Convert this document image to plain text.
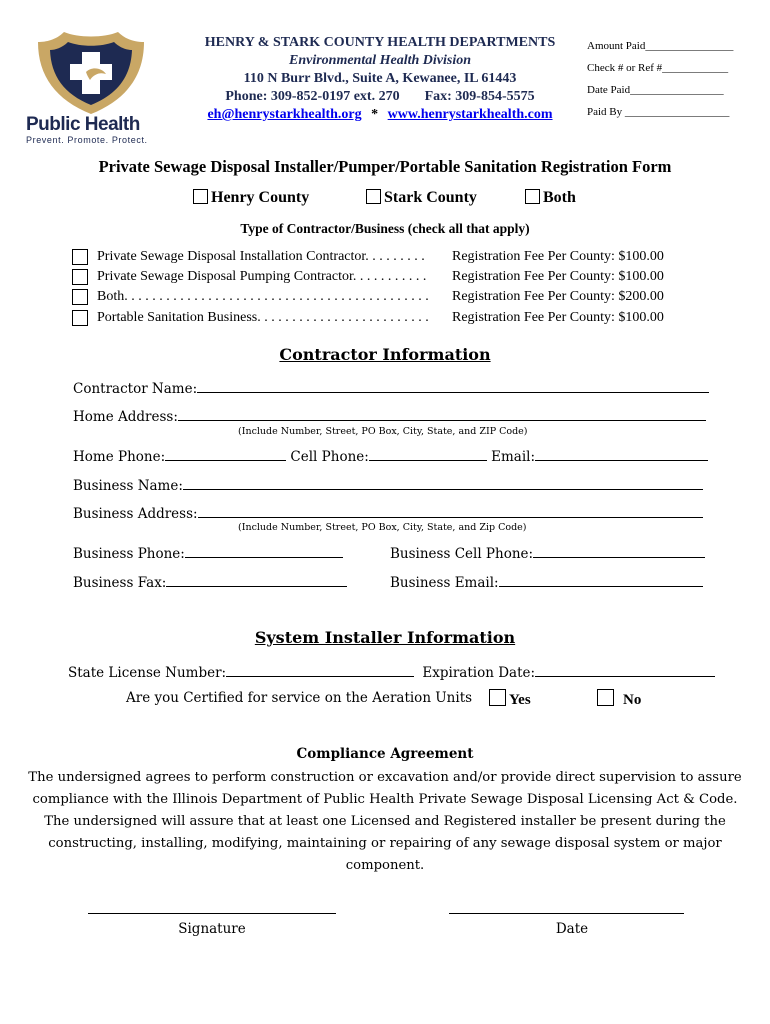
Public Health
Prevent. Promote. Protect.
HENRY & STARK COUNTY HEALTH DEPARTMENTS
Environmental Health Division
110 N Burr Blvd., Suite A, Kewanee, IL 61443
Phone: 309-852-0197 ext. 270 Fax: 309-854-5575
eh@henrystarkhealth.org * www.henrystarkhealth.com
Amount Paid________________
Check # or Ref #____________
Date Paid_________________
Paid By ___________________
Private Sewage Disposal Installer/Pumper/Portable Sanitation Registration Form
Henry County	Stark County	Both
Type of Contractor/Business (check all that apply)
Private Sewage Disposal Installation Contractor. . . . . . . . . Registration Fee Per County: $100.00
Private Sewage Disposal Pumping Contractor. . . . . . . . . . . Registration Fee Per County: $100.00
Both. . . . . . . . . . . . . . . . . . . . . . . . . . . . . . . . . . . . . . . . . . . . Registration Fee Per County: $200.00
Portable Sanitation Business. . . . . . . . . . . . . . . . . . . . . . . . . Registration Fee Per County: $100.00
Contractor Information
Contractor Name:
Home Address:
(Include Number, Street, PO Box, City, State, and ZIP Code)
Home Phone:	Cell Phone:	Email:
Business Name:
Business Address:
(Include Number, Street, PO Box, City, State, and Zip Code)
Business Phone:	Business Cell Phone:
Business Fax:	Business Email:
System Installer Information
State License Number:	Expiration Date:
Are you Certified for service on the Aeration Units	Yes	No
Compliance Agreement
The undersigned agrees to perform construction or excavation and/or provide direct supervision to assure
compliance with the Illinois Department of Public Health Private Sewage Disposal Licensing Act & Code.
The undersigned will assure that at least one Licensed and Registered installer be present during the
constructing, installing, modifying, maintaining or repairing of any sewage disposal system or major
component.
Signature	Date
